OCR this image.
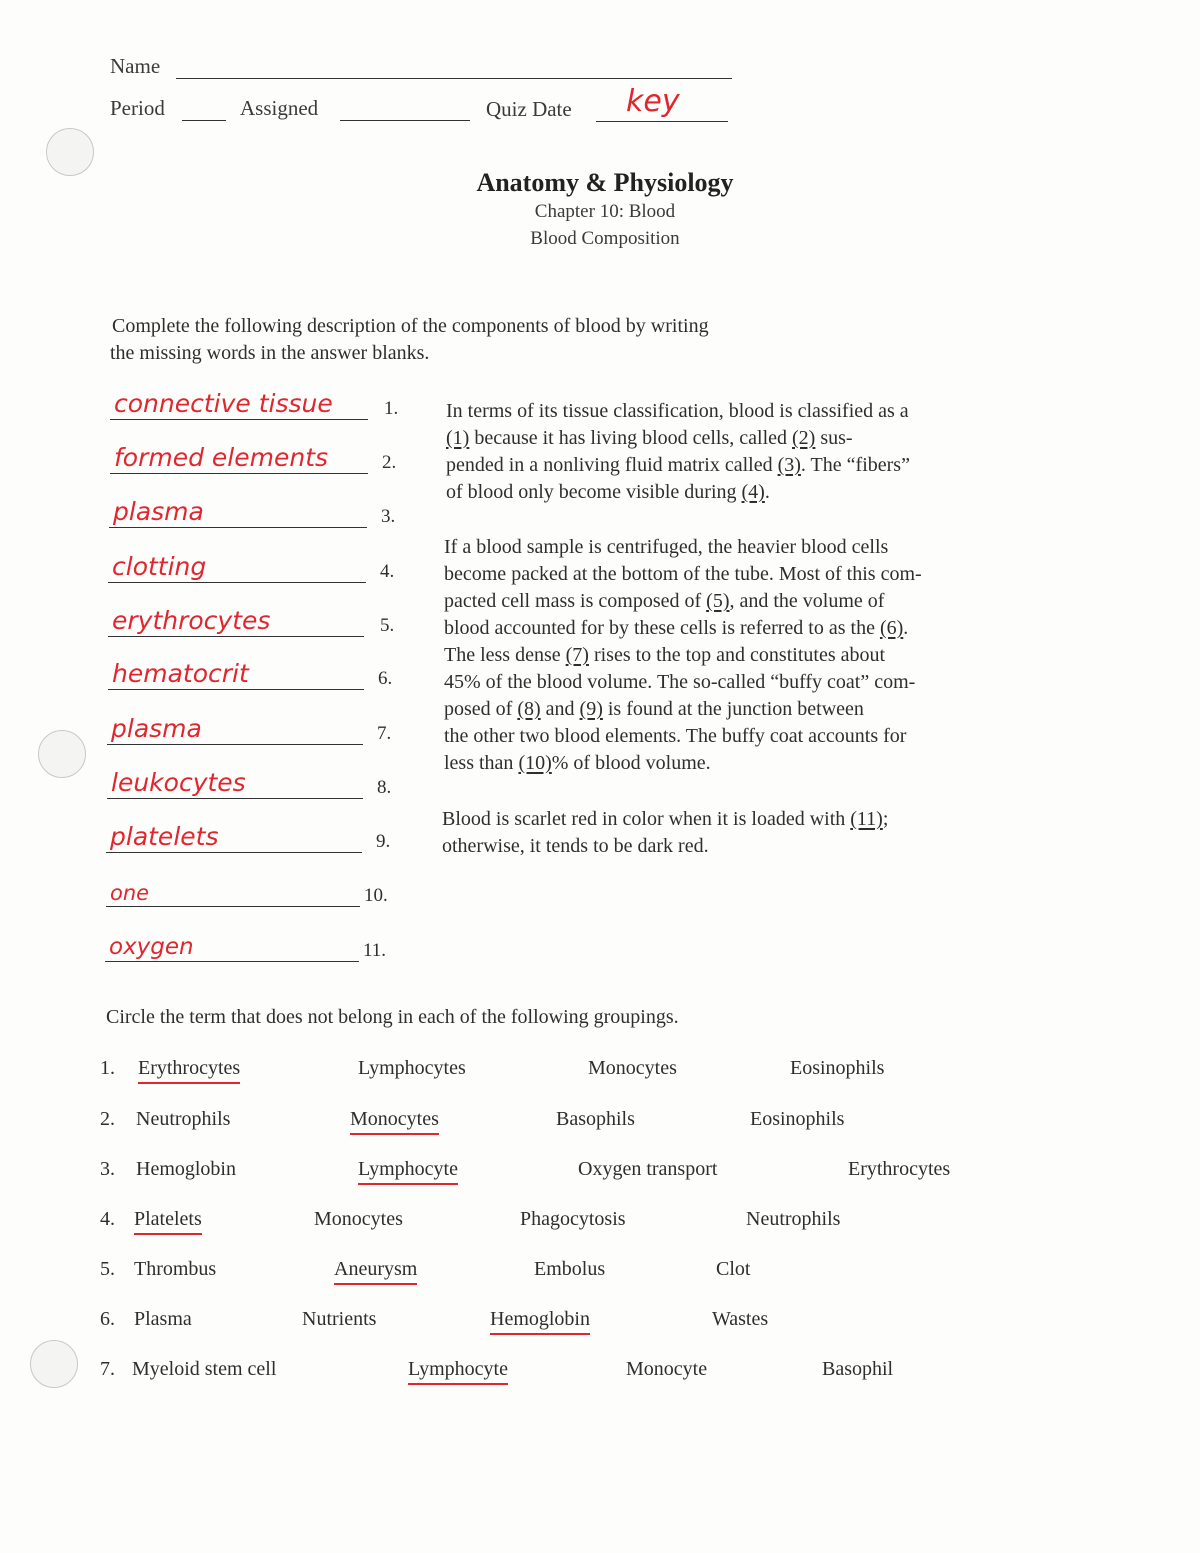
Name
Period	Assigned	Quiz Date key
Anatomy & Physiology
Chapter 10: Blood
Blood Composition
Complete the following description of the components of blood by writing
the missing words in the answer blanks.
connective tissue	1.
formed elements	2.
plasma	3.
clotting	4.
erythrocytes	5.
hematocrit	6.
plasma	7.
leukocytes	8.
platelets	9.
one	10.
oxygen	11.
In terms of its tissue classification, blood is classified as a
(1) because it has living blood cells, called (2) sus-
pended in a nonliving fluid matrix called (3). The “fibers”
of blood only become visible during (4).
If a blood sample is centrifuged, the heavier blood cells
become packed at the bottom of the tube. Most of this com-
pacted cell mass is composed of (5), and the volume of
blood accounted for by these cells is referred to as the (6).
The less dense (7) rises to the top and constitutes about
45% of the blood volume. The so-called “buffy coat” com-
posed of (8) and (9) is found at the junction between
the other two blood elements. The buffy coat accounts for
less than (10)% of blood volume.
Blood is scarlet red in color when it is loaded with (11);
otherwise, it tends to be dark red.
Circle the term that does not belong in each of the following groupings.
1. Erythrocytes	Lymphocytes	Monocytes	Eosinophils
2. Neutrophils	Monocytes	Basophils	Eosinophils
3. Hemoglobin	Lymphocyte	Oxygen transport	Erythrocytes
4. Platelets	Monocytes	Phagocytosis	Neutrophils
5. Thrombus	Aneurysm	Embolus	Clot
6. Plasma	Nutrients	Hemoglobin	Wastes
7. Myeloid stem cell	Lymphocyte	Monocyte	Basophil
